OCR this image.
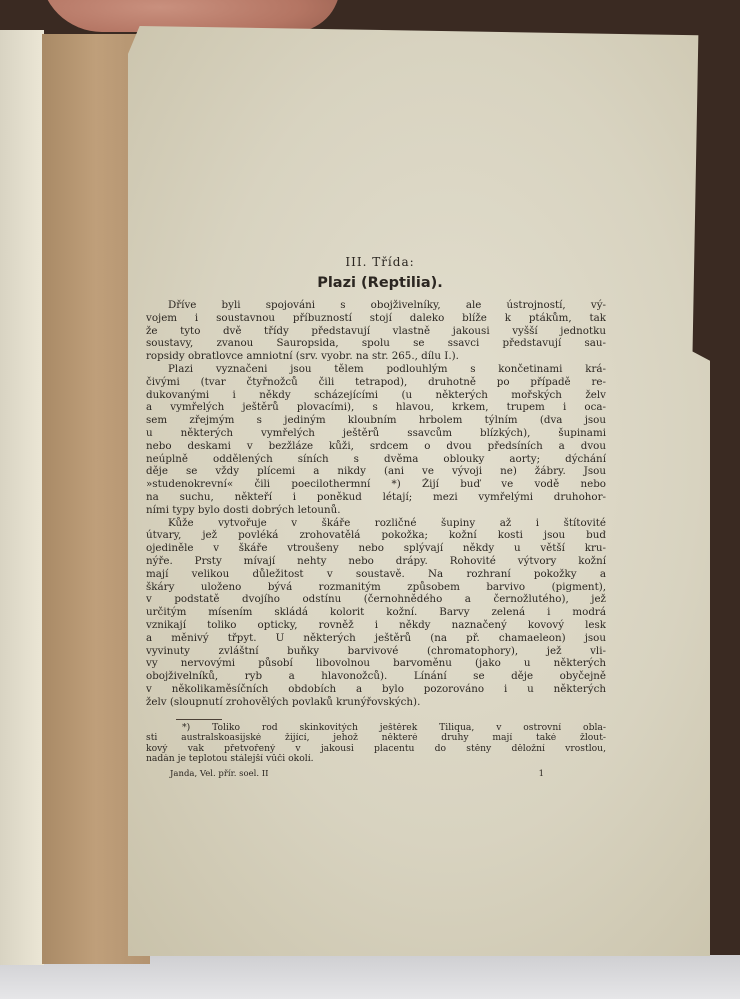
III. Třída:
Plazi (Reptilia).

Dříve byli spojováni s obojživelníky, ale ústrojností, vý-

vojem i soustavnou příbuzností stojí daleko blíže k ptákům, tak

že tyto dvě třídy představují vlastně jakousi vyšší jednotku

soustavy, zvanou Sauropsida, spolu se ssavci představují sau-

ropsidy obratlovce amniotní (srv. vyobr. na str. 265., dílu I.).

Plazi vyznačeni jsou tělem podlouhlým s končetinami krá-

čivými (tvar čtyřnožců čili tetrapod), druhotně po případě re-

dukovanými i někdy scházejícími (u některých mořských želv

a vymřelých ještěrů plovacími), s hlavou, krkem, trupem i oca-

sem zřejmým s jediným kloubním hrbolem týlním (dva jsou

u některých vymřelých ještěrů ssavcům blízkých), šupinami

nebo deskami v bezžláze kůži, srdcem o dvou předsíních a dvou

neúplně oddělených síních s dvěma oblouky aorty; dýchání

děje se vždy plícemi a nikdy (ani ve vývoji ne) žábry. Jsou

»studenokrevní« čili poecilothermní *) Žijí buď ve vodě nebo

na suchu, někteří i poněkud létají; mezi vymřelými druhohor-

ními typy bylo dosti dobrých letounů.

Kůže vytvořuje v škáře rozličné šupiny až i štítovité

útvary, jež povléká zrohovatělá pokožka; kožní kosti jsou buď

ojediněle v škáře vtroušeny nebo splývají někdy u větší kru-

nýře. Prsty mívají nehty nebo drápy. Rohovité výtvory kožní

mají velikou důležitost v soustavě. Na rozhraní pokožky a

škáry uloženo bývá rozmanitým způsobem barvivo (pigment),

v podstatě dvojího odstínu (černohnědého a černožlutého), jež

určitým mísením skládá kolorit kožní. Barvy zelená i modrá

vznikají toliko opticky, rovněž i někdy naznačený kovový lesk

a měnivý třpyt. U některých ještěrů (na př. chamaeleon) jsou

vyvinuty zvláštní buňky barvivové (chromatophory), jež vli-

vy nervovými působí libovolnou barvoměnu (jako u některých

obojživelníků, ryb a hlavonožců). Línání se děje obyčejně

v několikaměsíčních obdobích a bylo pozorováno i u některých

želv (sloupnutí zrohovělých povlaků krunýřovských).

*) Toliko rod skinkovitých ještěrek Tiliqua, v ostrovní obla-

sti australskoasijské žijící, jehož některé druhy mají také žlout-

kový vak přetvořený v jakousi placentu do stěny děložní vrostlou,

nadán je teplotou stálejší vůči okolí.

Janda, Vel. přír. soel. II	1
